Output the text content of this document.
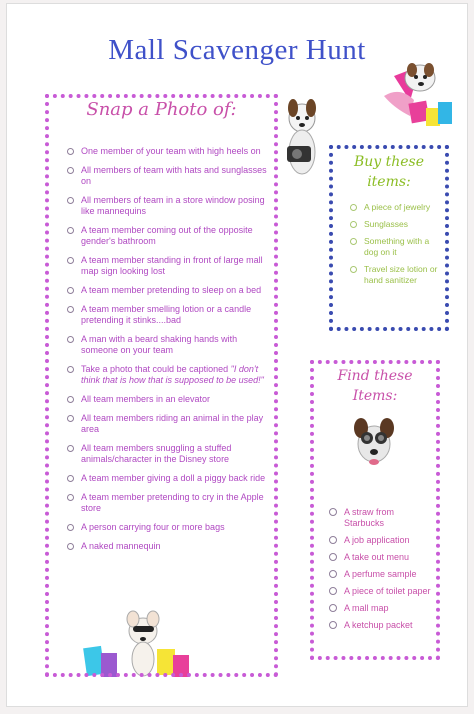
Mall Scavenger Hunt
Snap a Photo of:
One member of your team with high heels on
All members of team with hats and sunglasses on
All members of team in a store window posing like mannequins
A team member coming out of the opposite gender's bathroom
A team member standing in front of large mall map sign looking lost
A team member pretending to sleep on a bed
A team member smelling lotion or a candle pretending it stinks....bad
A man with a beard shaking hands with someone on your team
Take a photo that could be captioned "I don't think that is how that is supposed to be used!"
All team members in an elevator
All team members riding an animal in the play area
All team members snuggling a stuffed animals/character in the Disney store
A team member giving a doll a piggy back ride
A team member pretending to cry in the Apple store
A person carrying four or more bags
A naked mannequin
Buy these
items:
A piece of jewelry
Sunglasses
Something with a dog on it
Travel size lotion or hand sanitizer
Find these
Items:
A straw from Starbucks
A job application
A take out menu
A perfume sample
A piece of toilet paper
A mall map
A ketchup packet
